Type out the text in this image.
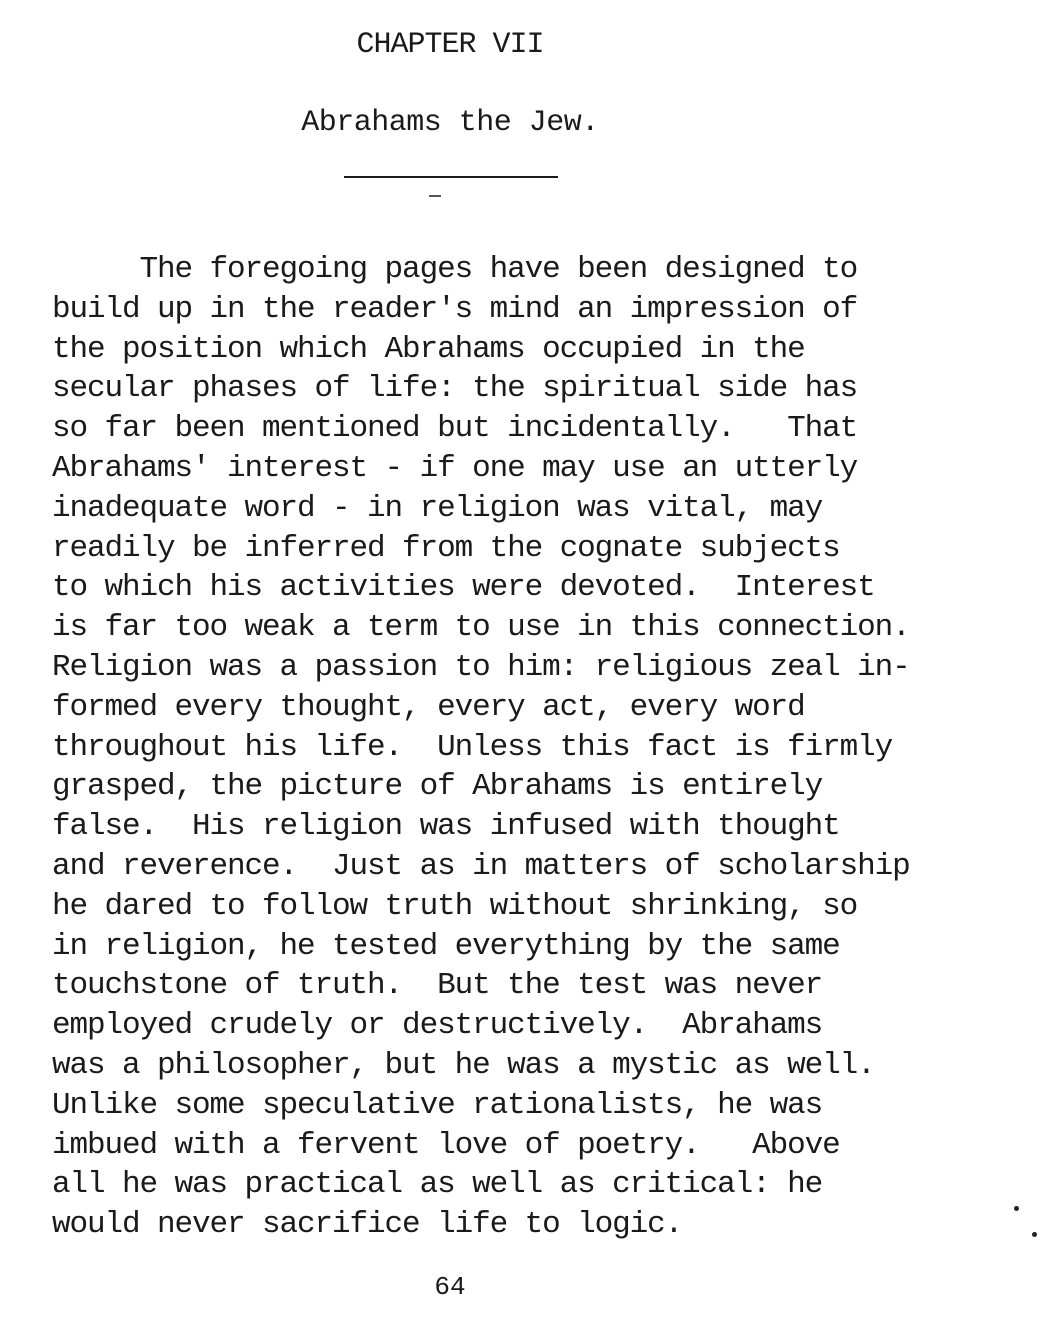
CHAPTER VII
Abrahams the Jew.
The foregoing pages have been designed to
build up in the reader's mind an impression of
the position which Abrahams occupied in the
secular phases of life: the spiritual side has
so far been mentioned but incidentally.   That
Abrahams' interest - if one may use an utterly
inadequate word - in religion was vital, may
readily be inferred from the cognate subjects
to which his activities were devoted.  Interest
is far too weak a term to use in this connection.
Religion was a passion to him: religious zeal in-
formed every thought, every act, every word
throughout his life.  Unless this fact is firmly
grasped, the picture of Abrahams is entirely
false.  His religion was infused with thought
and reverence.  Just as in matters of scholarship
he dared to follow truth without shrinking, so
in religion, he tested everything by the same
touchstone of truth.  But the test was never
employed crudely or destructively.  Abrahams
was a philosopher, but he was a mystic as well.
Unlike some speculative rationalists, he was
imbued with a fervent love of poetry.   Above
all he was practical as well as critical: he
would never sacrifice life to logic.
64
